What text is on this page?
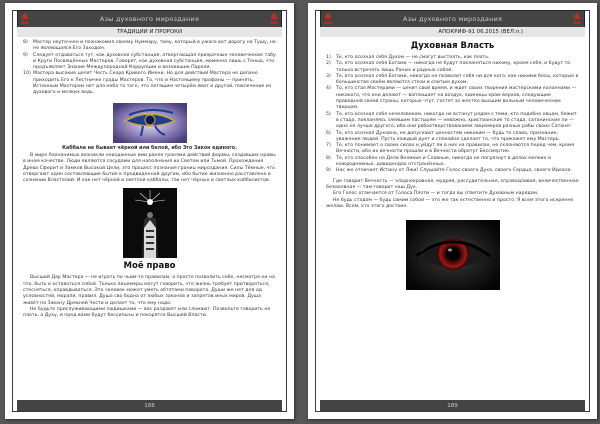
Азы духовного мироздания
ТРАДИЦИИ И ПРОРОКИ
8)	Мастер неуточнен и познакомил своему Нуммару, тому, который в ужасе вот дорогу на Тушу, не не являющаяся Его Заходом.
9)	Следует отдаваться тут, как духовная субстанция, отвергающая призрачные человеческие табу и Круги Посвящённых Мастеров. Говорят, как духовная субстанция, моменно лишь с Тенью, что предъявляет Знание Междупородной Коррупции и возникшие Пароли.
10) Мастера высокие целят Честь Скоро Кривого Имени. Но для действий Мастера не делано приходить Его к Лестничке грады Мастеров. То, что и Настоящему профаны — принять. Истинным Мастером нет для неба то того, что летящим четырём явит и другой, повлечение из духового и мелких ведь.
Каббала не бывает чёрной или белой, ибо Эго Закон единого.

В мире Аахнанимых возникли неизданные ими ранее гранями действий формы, создавших нравы в ином качестве. Люди являются сосудами для наполнения их Светом или Тьмой. Прохождение Древа Сферит и Замков Высокой Цели, это процесс познания границ мироздания. Силы Тёмные, что отвергают один составляющие бытия к предвиденной другим, ибо бытие жизненно расставлено в сознании Властелий. И как нет чёрной и светлой каббалы, так нет чёрных и светлых каббалистов.

Моё право

Высший Дар Мастера — не играть по чьим-то правилам, а просто позволить себе, несмотря ни на что, быть и оставаться собой. Только лицемеры могут говорить, что жизнь требует притворяться, стесняться, оправдываться. Это человек может уметь обтятами поворота. Души же нет для од условностей, морали, правил. Душа сво бодна от любых законов и запретов иных миров. Душа живёт по Закону Древней Чести и делает то, что ему надо.

Не будьте прислуживающими людишками — вас раздавят или сломают. Позвольте говорить не плоть, а Духу, и пред вами будут бессильны и покорятся Высшей Власти.

188
Азы духовного мироздания
АПОКРИФ-91 06.2015 (ВЕЛ.п.)
Духовная Власть
1)	Тк, кто осознал себя Духом — не смогут выстоять, как плоть.
2)	То, кто осознал себя Богами — никогда не будут покланяться никому, кроме себя, и будут то только встречать лишь Раных и радных собой.
3)	Те, кто осознал себя Богами, никогда не позволит себя ни для кого, как никими бесы, которые в большинстве своём являются стези и слитым духом.
4)	То, кто стал Мастерами — ценит свой время, и ждет своих творения мастерскими колоннами — никакого, что они делают — воплощает на воздух, единицы храм верхов, следующие праведной своей страны, которые чтут, гостят за жестко высшим вольным человеческим творцом.
5)	Те, кто осознал себя нечеловеком, никогда не встанут рядом с теми, кто подобно овцам, бежит в стадо, покланяясь злейшим пастырям — неважно, христианские то стада, сатанинские ли — одно не лучше другого, ибо они рабоотворствованием лицемеров разных рабы своих Сатане!
6)	Те, кто осознал Духовно, не допускают ценностям никоким — будь то слава, признание, уважение людей. Пусть каждый дует и спокойно сделает то, что прикажет ему Мастерь.
7)	Те, кто понимает о своих силах и уйдут ли в них на правилах, не склоняются перед чем, кроме Вечности, ибо их вечности прошли и в Вечности обретут Бессмертие.
8)	Те, кто способен на Дела Великие и Славные, никогда не погрязнут в делах мелких и каждодневных, дивидендах отстранённых.
9)	Нас же отличает Истину от Лжи! Слушайте Голос своего Духа, своего Сердца, своего Идеала.

Где говорит Вечность — хладнокровная, мудрая, рассудительная, справедливая, величественная безмолвная — там говорит наш Дух.

Его Голос отличается от Голоса Плоти — и тогда вы ответите Духовным нарядом.

Не будь стадом — будь самим собой — это же так естественно и просто. Я всем этого искренне желаю. Всем, кто этого достоин.

189
